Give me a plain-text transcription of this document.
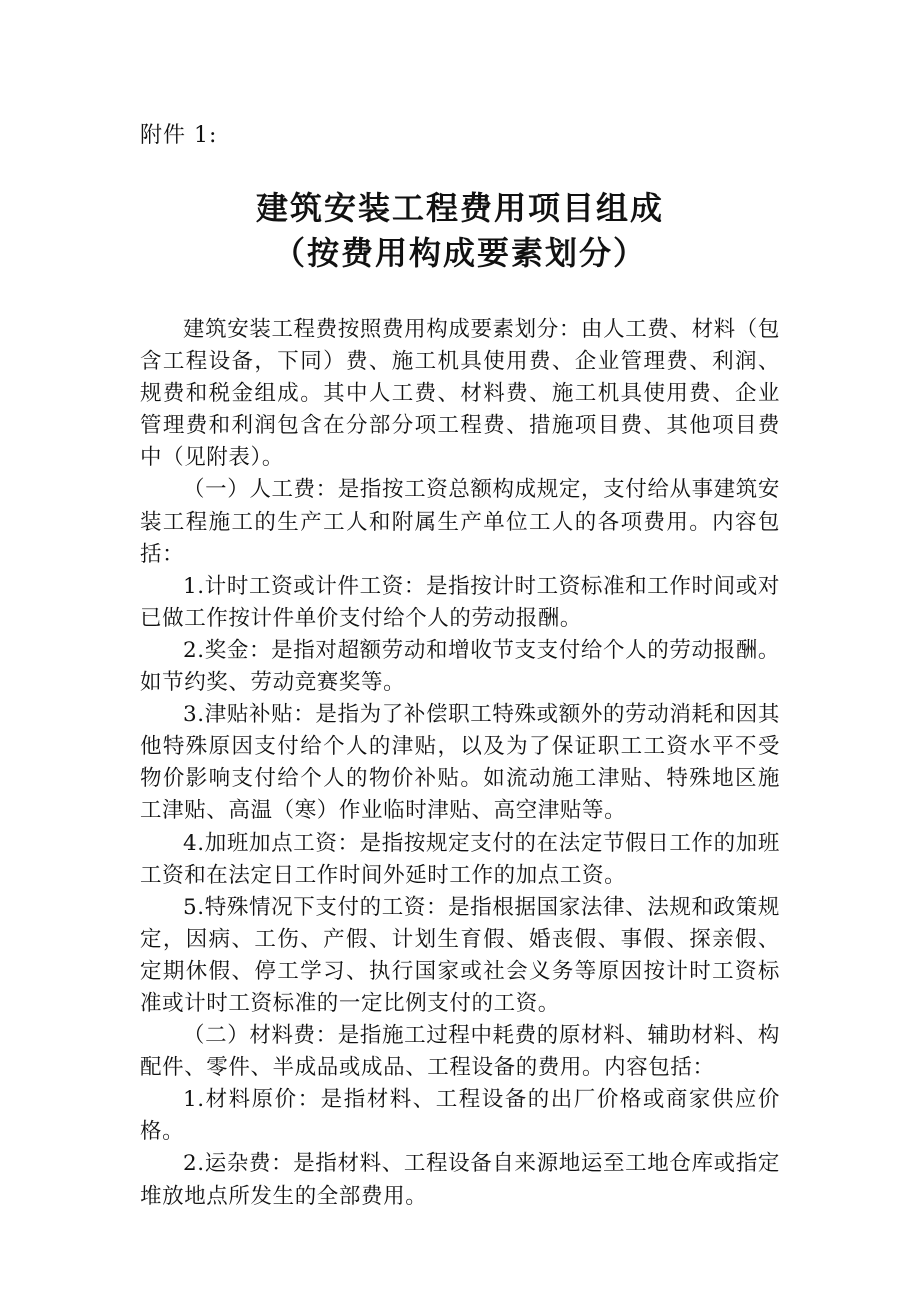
附件 1:
建筑安装工程费用项目组成
（按费用构成要素划分）

建筑安装工程费按照费用构成要素划分：由人工费、材料（包含工程设备，下同）费、施工机具使用费、企业管理费、利润、规费和税金组成。其中人工费、材料费、施工机具使用费、企业管理费和利润包含在分部分项工程费、措施项目费、其他项目费中（见附表）。

（一）人工费：是指按工资总额构成规定，支付给从事建筑安装工程施工的生产工人和附属生产单位工人的各项费用。内容包括：

1.计时工资或计件工资：是指按计时工资标准和工作时间或对已做工作按计件单价支付给个人的劳动报酬。

2.奖金：是指对超额劳动和增收节支支付给个人的劳动报酬。如节约奖、劳动竞赛奖等。

3.津贴补贴：是指为了补偿职工特殊或额外的劳动消耗和因其他特殊原因支付给个人的津贴，以及为了保证职工工资水平不受物价影响支付给个人的物价补贴。如流动施工津贴、特殊地区施工津贴、高温（寒）作业临时津贴、高空津贴等。

4.加班加点工资：是指按规定支付的在法定节假日工作的加班工资和在法定日工作时间外延时工作的加点工资。

5.特殊情况下支付的工资：是指根据国家法律、法规和政策规定，因病、工伤、产假、计划生育假、婚丧假、事假、探亲假、定期休假、停工学习、执行国家或社会义务等原因按计时工资标准或计时工资标准的一定比例支付的工资。

（二）材料费：是指施工过程中耗费的原材料、辅助材料、构配件、零件、半成品或成品、工程设备的费用。内容包括：

1.材料原价：是指材料、工程设备的出厂价格或商家供应价格。

2.运杂费：是指材料、工程设备自来源地运至工地仓库或指定堆放地点所发生的全部费用。
